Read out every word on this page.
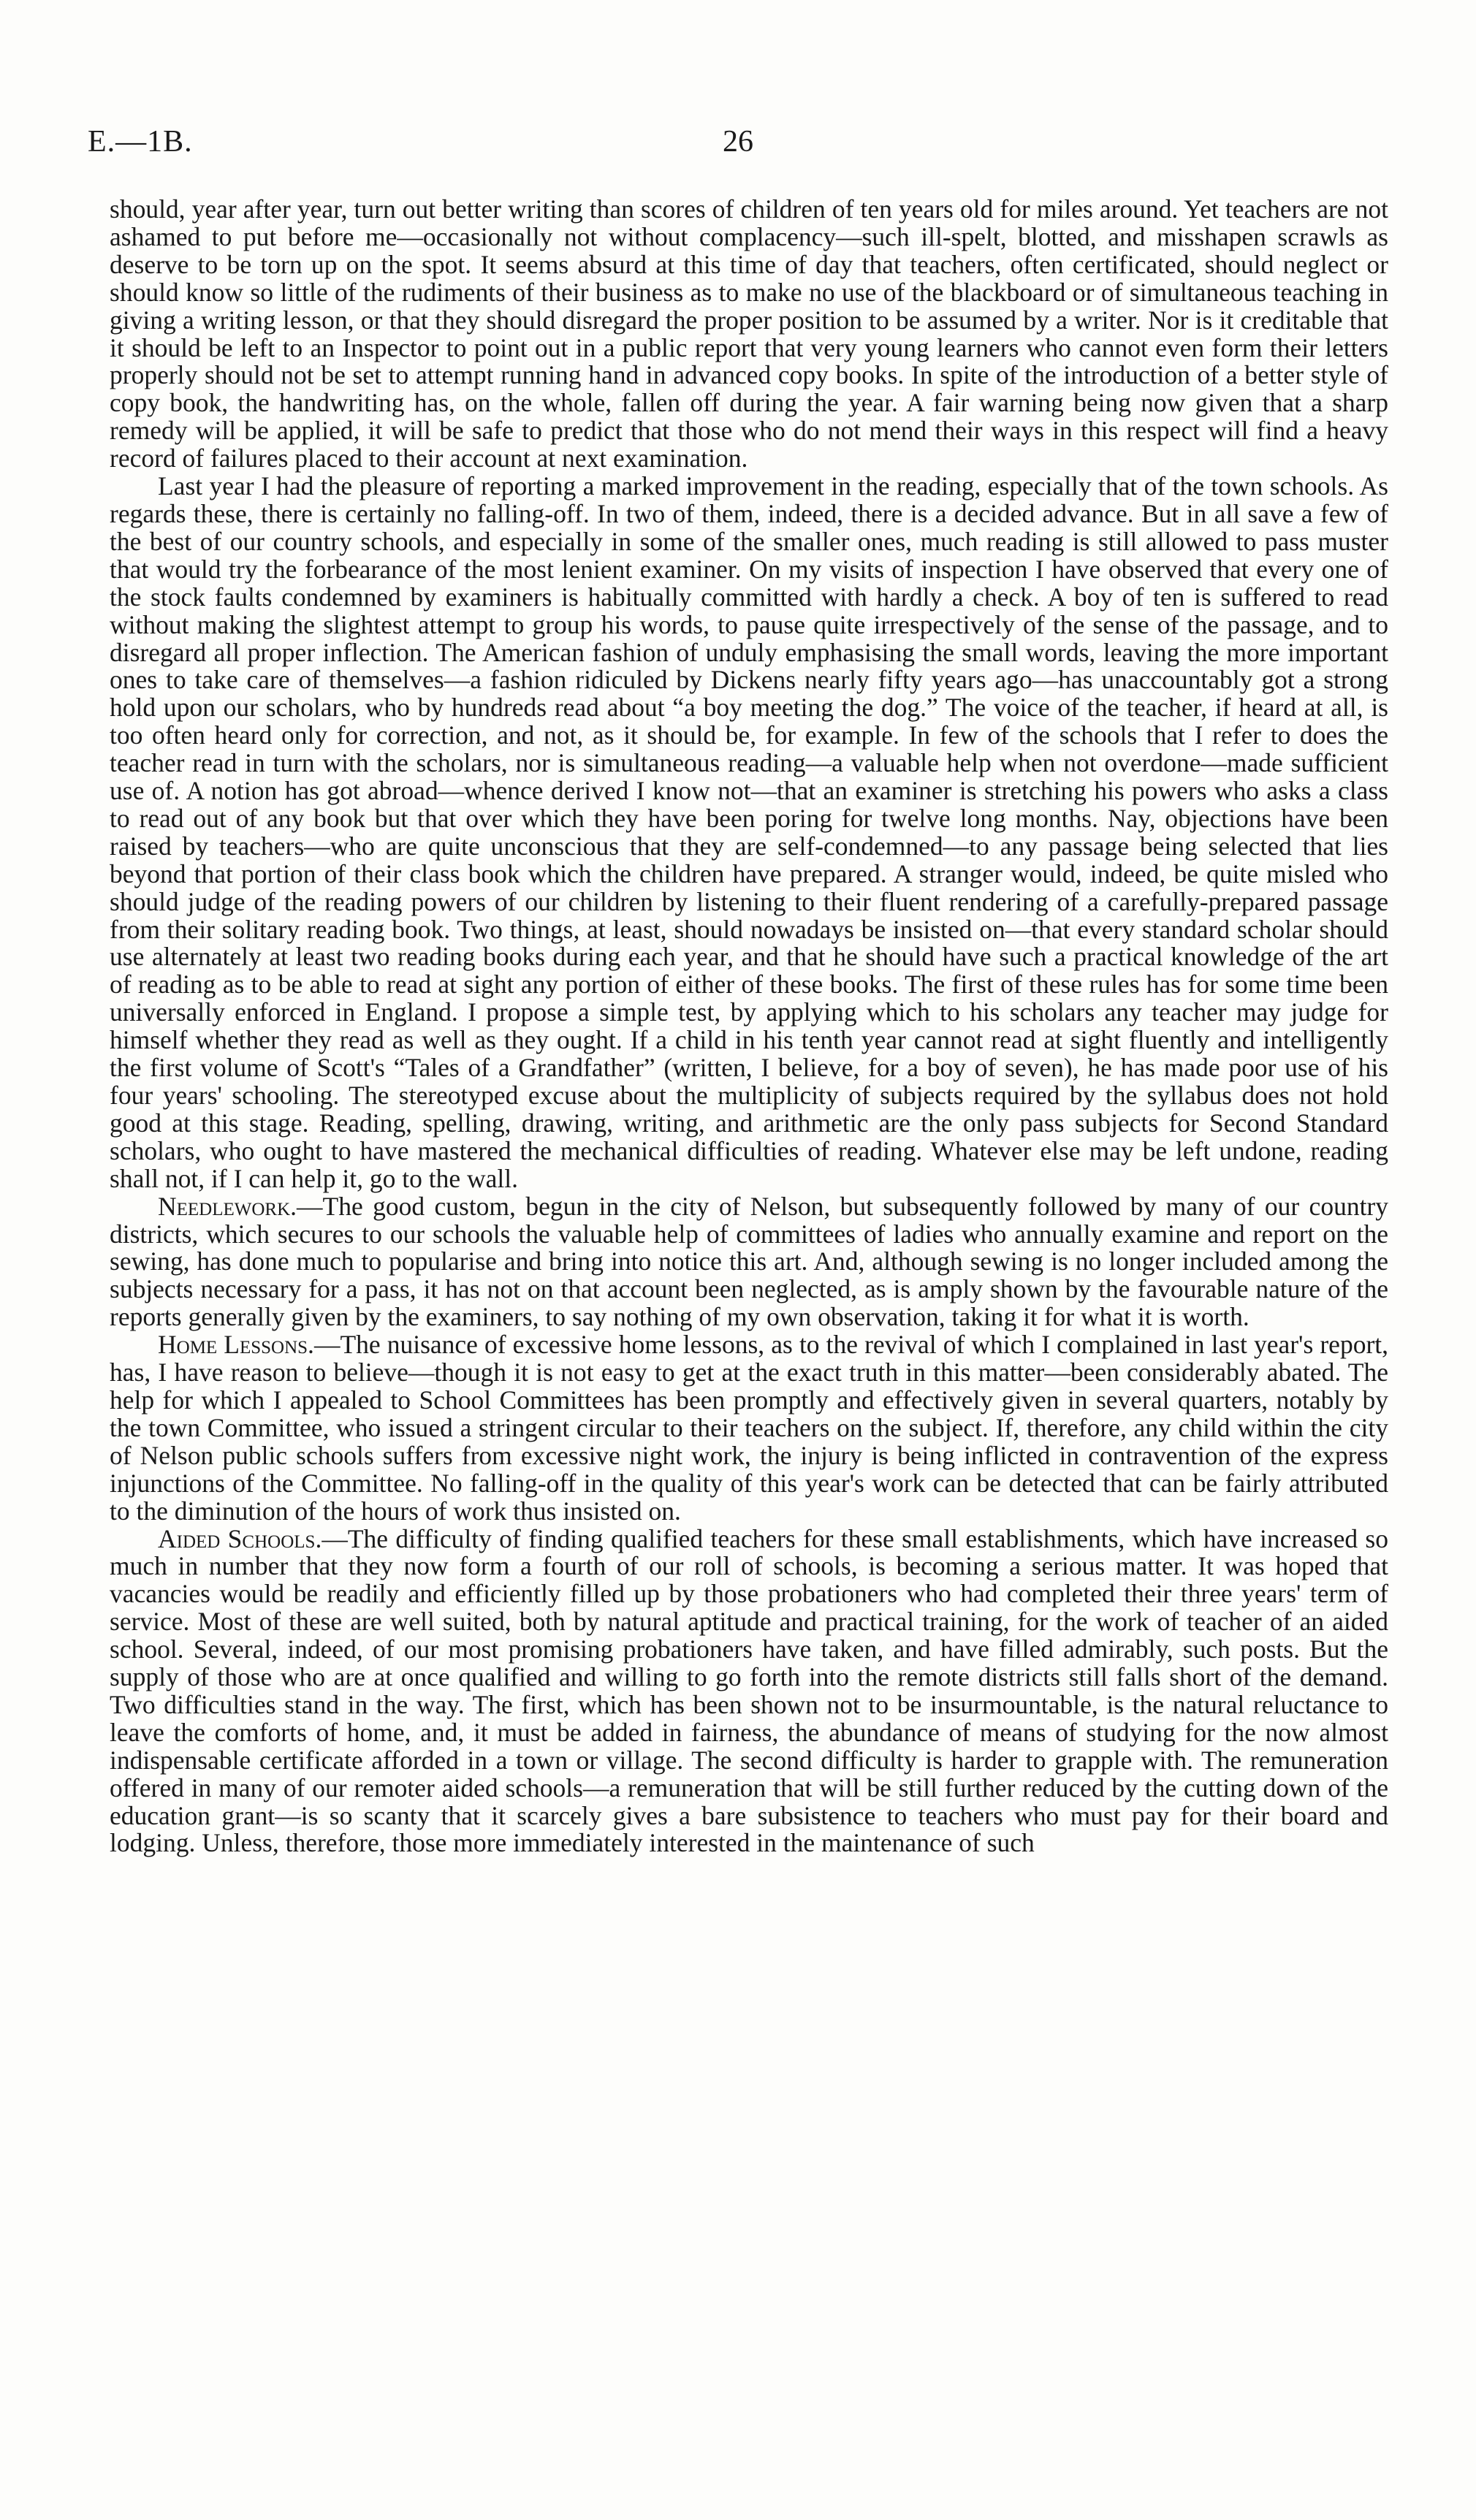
E.—1B.	26

should, year after year, turn out better writing than scores of children of ten years old for miles around. Yet teachers are not ashamed to put before me—occasionally not without complacency—such ill-spelt, blotted, and misshapen scrawls as deserve to be torn up on the spot. It seems absurd at this time of day that teachers, often certificated, should neglect or should know so little of the rudiments of their business as to make no use of the blackboard or of simultaneous teaching in giving a writing lesson, or that they should disregard the proper position to be assumed by a writer. Nor is it creditable that it should be left to an Inspector to point out in a public report that very young learners who cannot even form their letters properly should not be set to attempt running hand in advanced copy books. In spite of the introduction of a better style of copy book, the handwriting has, on the whole, fallen off during the year. A fair warning being now given that a sharp remedy will be applied, it will be safe to predict that those who do not mend their ways in this respect will find a heavy record of failures placed to their account at next examination.

Last year I had the pleasure of reporting a marked improvement in the reading, especially that of the town schools. As regards these, there is certainly no falling-off. In two of them, indeed, there is a decided advance. But in all save a few of the best of our country schools, and especially in some of the smaller ones, much reading is still allowed to pass muster that would try the forbearance of the most lenient examiner. On my visits of inspection I have observed that every one of the stock faults condemned by examiners is habitually committed with hardly a check. A boy of ten is suffered to read without making the slightest attempt to group his words, to pause quite irrespectively of the sense of the passage, and to disregard all proper inflection. The American fashion of unduly emphasising the small words, leaving the more important ones to take care of themselves—a fashion ridiculed by Dickens nearly fifty years ago—has unaccountably got a strong hold upon our scholars, who by hundreds read about “a boy meeting the dog.” The voice of the teacher, if heard at all, is too often heard only for correction, and not, as it should be, for example. In few of the schools that I refer to does the teacher read in turn with the scholars, nor is simultaneous reading—a valuable help when not overdone—made sufficient use of. A notion has got abroad—whence derived I know not—that an examiner is stretching his powers who asks a class to read out of any book but that over which they have been poring for twelve long months. Nay, objections have been raised by teachers—who are quite unconscious that they are self-condemned—to any passage being selected that lies beyond that portion of their class book which the children have prepared. A stranger would, indeed, be quite misled who should judge of the reading powers of our children by listening to their fluent rendering of a carefully-prepared passage from their solitary reading book. Two things, at least, should nowadays be insisted on—that every standard scholar should use alternately at least two reading books during each year, and that he should have such a practical knowledge of the art of reading as to be able to read at sight any portion of either of these books. The first of these rules has for some time been universally enforced in England. I propose a simple test, by applying which to his scholars any teacher may judge for himself whether they read as well as they ought. If a child in his tenth year cannot read at sight fluently and intelligently the first volume of Scott's “Tales of a Grandfather” (written, I believe, for a boy of seven), he has made poor use of his four years' schooling. The stereotyped excuse about the multiplicity of subjects required by the syllabus does not hold good at this stage. Reading, spelling, drawing, writing, and arithmetic are the only pass subjects for Second Standard scholars, who ought to have mastered the mechanical difficulties of reading. Whatever else may be left undone, reading shall not, if I can help it, go to the wall.

Needlework.—The good custom, begun in the city of Nelson, but subsequently followed by many of our country districts, which secures to our schools the valuable help of committees of ladies who annually examine and report on the sewing, has done much to popularise and bring into notice this art. And, although sewing is no longer included among the subjects necessary for a pass, it has not on that account been neglected, as is amply shown by the favourable nature of the reports generally given by the examiners, to say nothing of my own observation, taking it for what it is worth.

Home Lessons.—The nuisance of excessive home lessons, as to the revival of which I complained in last year's report, has, I have reason to believe—though it is not easy to get at the exact truth in this matter—been considerably abated. The help for which I appealed to School Committees has been promptly and effectively given in several quarters, notably by the town Committee, who issued a stringent circular to their teachers on the subject. If, therefore, any child within the city of Nelson public schools suffers from excessive night work, the injury is being inflicted in contravention of the express injunctions of the Committee. No falling-off in the quality of this year's work can be detected that can be fairly attributed to the diminution of the hours of work thus insisted on.

Aided Schools.—The difficulty of finding qualified teachers for these small establishments, which have increased so much in number that they now form a fourth of our roll of schools, is becoming a serious matter. It was hoped that vacancies would be readily and efficiently filled up by those probationers who had completed their three years' term of service. Most of these are well suited, both by natural aptitude and practical training, for the work of teacher of an aided school. Several, indeed, of our most promising probationers have taken, and have filled admirably, such posts. But the supply of those who are at once qualified and willing to go forth into the remote districts still falls short of the demand. Two difficulties stand in the way. The first, which has been shown not to be insurmountable, is the natural reluctance to leave the comforts of home, and, it must be added in fairness, the abundance of means of studying for the now almost indispensable certificate afforded in a town or village. The second difficulty is harder to grapple with. The remuneration offered in many of our remoter aided schools—a remuneration that will be still further reduced by the cutting down of the education grant—is so scanty that it scarcely gives a bare subsistence to teachers who must pay for their board and lodging. Unless, therefore, those more immediately interested in the maintenance of such
